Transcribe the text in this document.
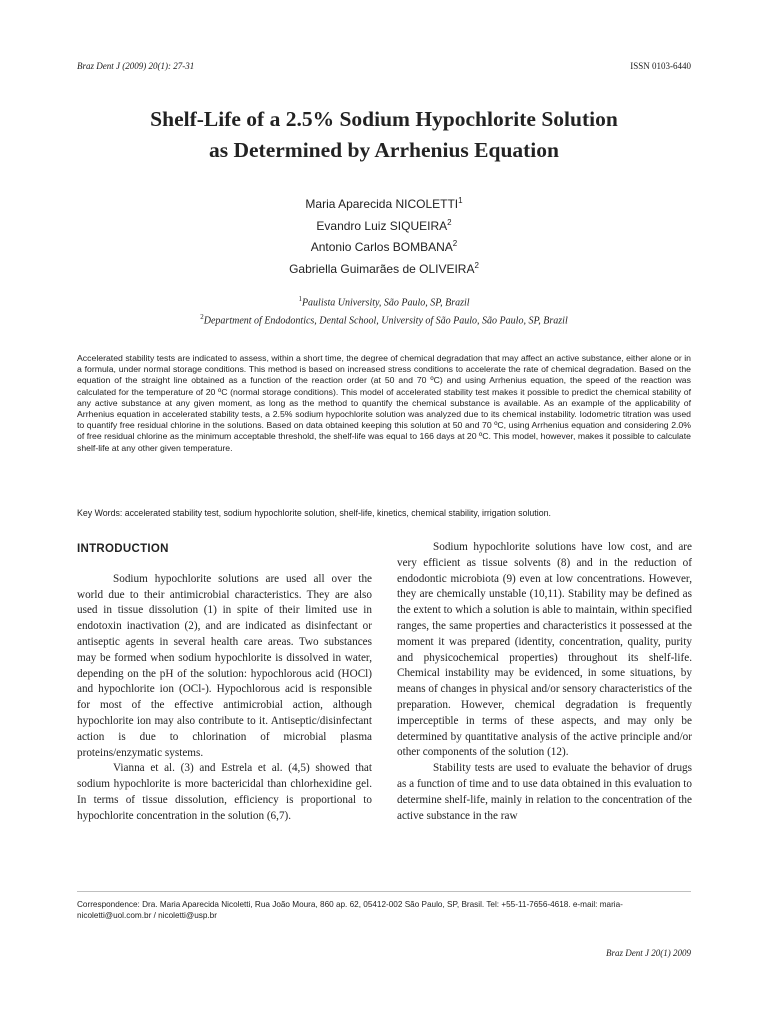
Braz Dent J (2009) 20(1): 27-31	ISSN 0103-6440
Shelf-Life of a 2.5% Sodium Hypochlorite Solution
as Determined by Arrhenius Equation
Maria Aparecida NICOLETTI$^1$
Evandro Luiz SIQUEIRA$^2$
Antonio Carlos BOMBANA$^2$
Gabriella Guimarães de OLIVEIRA$^2$
$^1$Paulista University, São Paulo, SP, Brazil
$^2$Department of Endodontics, Dental School, University of São Paulo, São Paulo, SP, Brazil
Accelerated stability tests are indicated to assess, within a short time, the degree of chemical degradation that may affect an active substance, either alone or in a formula, under normal storage conditions. This method is based on increased stress conditions to accelerate the rate of chemical degradation. Based on the equation of the straight line obtained as a function of the reaction order (at 50 and 70 ºC) and using Arrhenius equation, the speed of the reaction was calculated for the temperature of 20 ºC (normal storage conditions). This model of accelerated stability test makes it possible to predict the chemical stability of any active substance at any given moment, as long as the method to quantify the chemical substance is available. As an example of the applicability of Arrhenius equation in accelerated stability tests, a 2.5% sodium hypochlorite solution was analyzed due to its chemical instability. Iodometric titration was used to quantify free residual chlorine in the solutions. Based on data obtained keeping this solution at 50 and 70 ºC, using Arrhenius equation and considering 2.0% of free residual chlorine as the minimum acceptable threshold, the shelf-life was equal to 166 days at 20 ºC. This model, however, makes it possible to calculate shelf-life at any other given temperature.
Key Words: accelerated stability test, sodium hypochlorite solution, shelf-life, kinetics, chemical stability, irrigation solution.
INTRODUCTION

Sodium hypochlorite solutions are used all over the world due to their antimicrobial characteristics. They are also used in tissue dissolution (1) in spite of their limited use in endotoxin inactivation (2), and are indicated as disinfectant or antiseptic agents in several health care areas. Two substances may be formed when sodium hypochlorite is dissolved in water, depending on the pH of the solution: hypochlorous acid (HOCl) and hypochlorite ion (OCl-). Hypochlorous acid is responsible for most of the effective antimicrobial action, although hypochlorite ion may also contribute to it. Antiseptic/disinfectant action is due to chlorination of microbial plasma proteins/enzymatic systems.

Vianna et al. (3) and Estrela et al. (4,5) showed that sodium hypochlorite is more bactericidal than chlorhexidine gel. In terms of tissue dissolution, efficiency is proportional to hypochlorite concentration in the solution (6,7).

Sodium hypochlorite solutions have low cost, and are very efficient as tissue solvents (8) and in the reduction of endodontic microbiota (9) even at low concentrations. However, they are chemically unstable (10,11). Stability may be defined as the extent to which a solution is able to maintain, within specified ranges, the same properties and characteristics it possessed at the moment it was prepared (identity, concentration, quality, purity and physicochemical properties) throughout its shelf-life. Chemical instability may be evidenced, in some situations, by means of changes in physical and/or sensory characteristics of the preparation. However, chemical degradation is frequently imperceptible in terms of these aspects, and may only be determined by quantitative analysis of the active principle and/or other components of the solution (12).

Stability tests are used to evaluate the behavior of drugs as a function of time and to use data obtained in this evaluation to determine shelf-life, mainly in relation to the concentration of the active substance in the raw

Correspondence: Dra. Maria Aparecida Nicoletti, Rua João Moura, 860 ap. 62, 05412-002 São Paulo, SP, Brasil. Tel: +55-11-7656-4618. e-mail: maria-nicoletti@uol.com.br / nicoletti@usp.br
Braz Dent J 20(1) 2009
